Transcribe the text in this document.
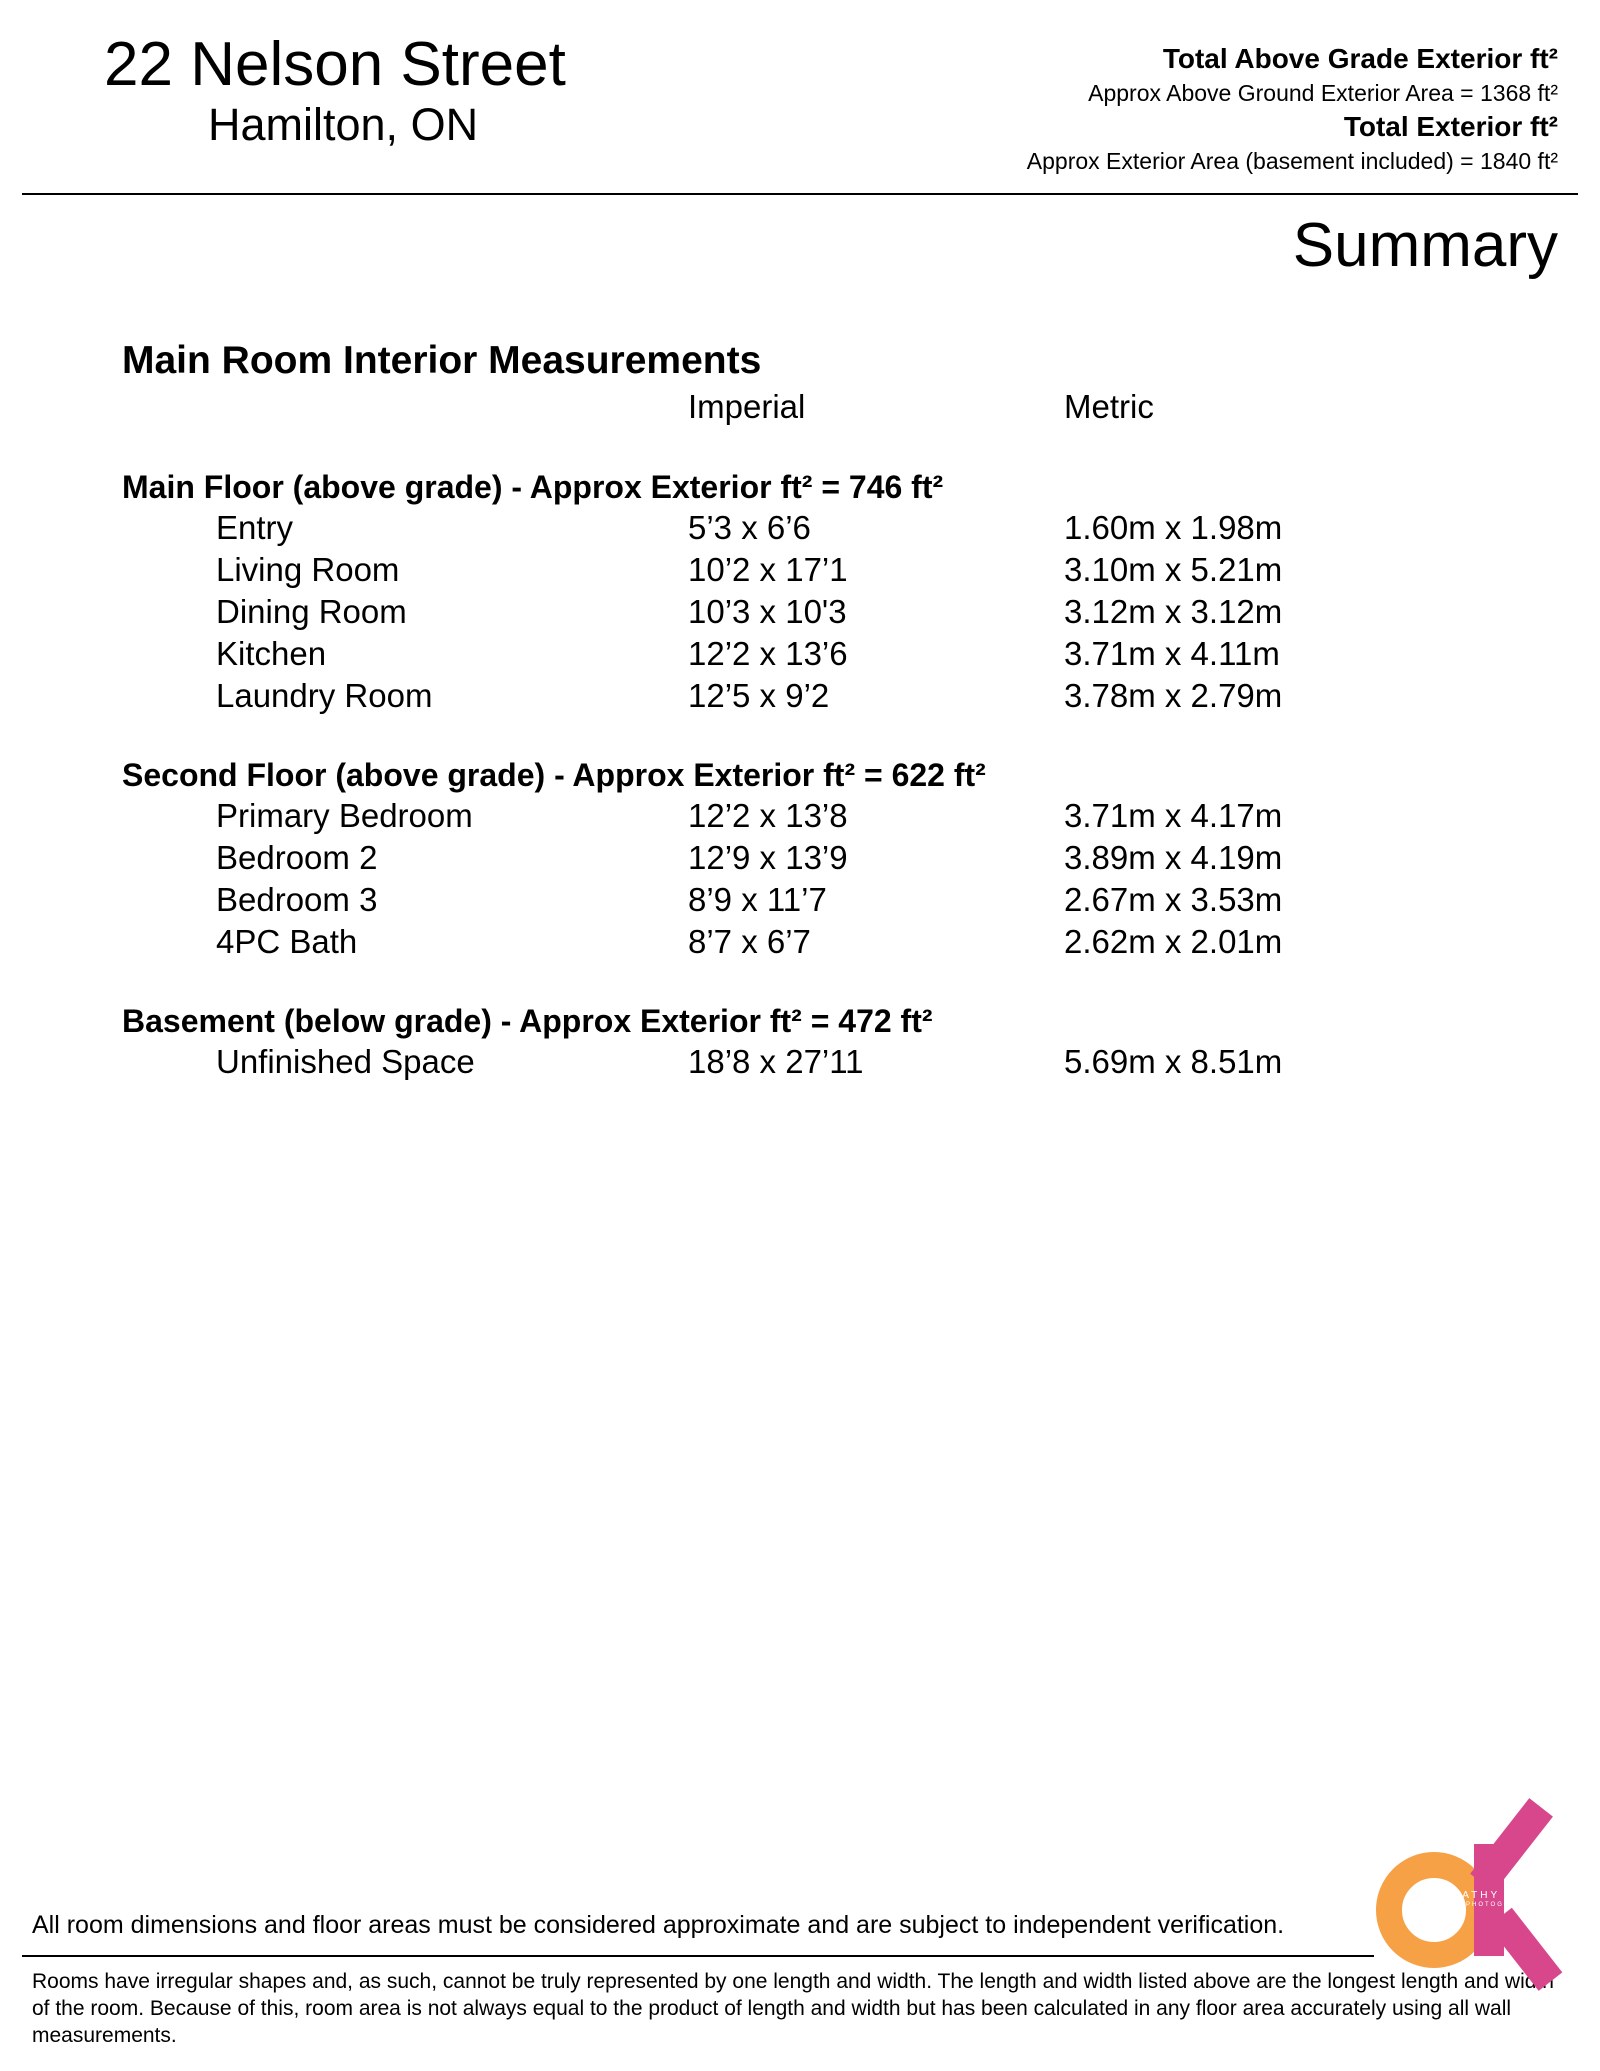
22 Nelson Street
Hamilton, ON
Total Above Grade Exterior ft²
Approx Above Ground Exterior Area = 1368 ft²
Total Exterior ft²
Approx Exterior Area (basement included) = 1840 ft²
Summary
Main Room Interior Measurements
Imperial	Metric
Main Floor (above grade) - Approx Exterior ft² = 746 ft²
Entry	5’3 x 6’6	1.60m x 1.98m
Living Room	10’2 x 17’1	3.10m x 5.21m
Dining Room	10’3 x 10'3	3.12m x 3.12m
Kitchen	12’2 x 13’6	3.71m x 4.11m
Laundry Room	12’5 x 9’2	3.78m x 2.79m
Second Floor (above grade) - Approx Exterior ft² = 622 ft²
Primary Bedroom	12’2 x 13’8	3.71m x 4.17m
Bedroom 2	12’9 x 13’9	3.89m x 4.19m
Bedroom 3	8’9 x 11’7	2.67m x 3.53m
4PC Bath	8’7 x 6’7	2.62m x 2.01m
Basement (below grade) - Approx Exterior ft² = 472 ft²
Unfinished Space	18’8 x 27’11	5.69m x 8.51m
All room dimensions and floor areas must be considered approximate and are subject to independent verification.
Rooms have irregular shapes and, as such, cannot be truly represented by one length and width. The length and width listed above are the longest length and width of the room. Because of this, room area is not always equal to the product of length and width but has been calculated in any floor area accurately using all wall measurements.
CATHY KOOP
PHOTOGRAPHY
